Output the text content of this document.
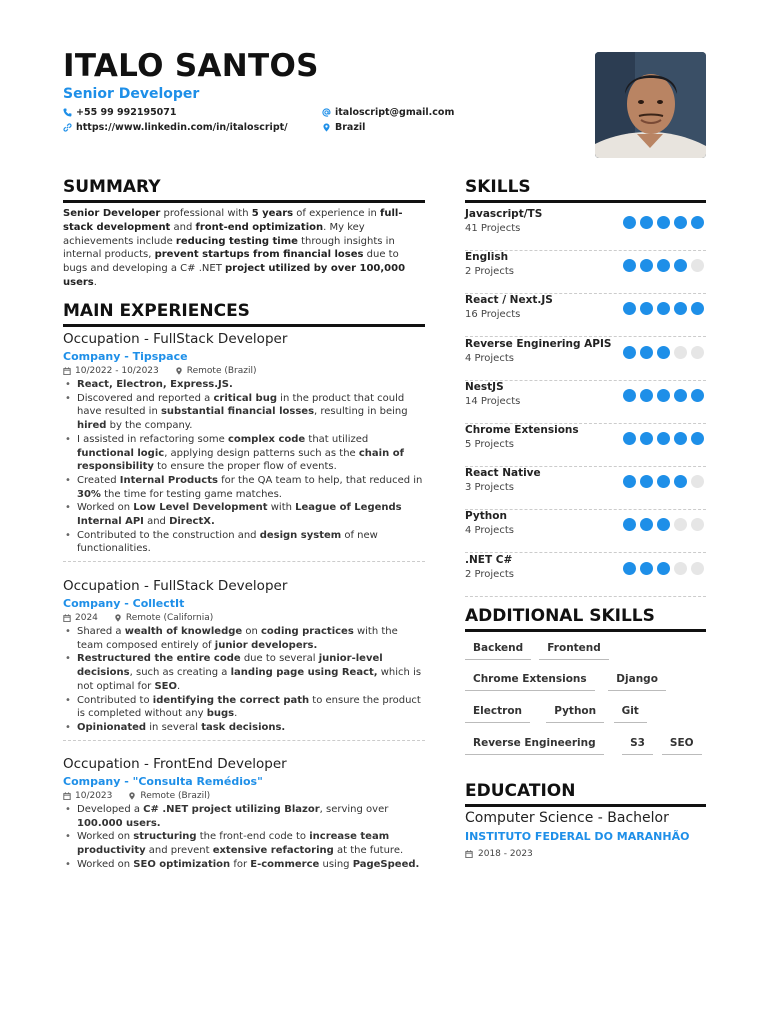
ITALO SANTOS
Senior Developer
+55 99 992195071
https://www.linkedin.com/in/italoscript/
italoscript@gmail.com
Brazil
SUMMARY
MAIN EXPERIENCES
SKILLS
ADDITIONAL SKILLS
EDUCATION
Senior Developer professional with 5 years of experience in full-stack development and front-end optimization. My key achievements include reducing testing time through insights in internal products, prevent startups from financial loses due to bugs and developing a C# .NET project utilized by over 100,000 users.
Occupation - FullStack Developer
Company - Tipspace
10/2022 - 10/2023	Remote (Brazil)
• React, Electron, Express.JS.
• Discovered and reported a critical bug in the product that could have resulted in substantial financial losses, resulting in being hired by the company.
• I assisted in refactoring some complex code that utilized functional logic, applying design patterns such as the chain of responsibility to ensure the proper flow of events.
• Created Internal Products for the QA team to help, that reduced in 30% the time for testing game matches.
• Worked on Low Level Development with League of Legends Internal API and DirectX.
• Contributed to the construction and design system of new functionalities.
Occupation - FullStack Developer
Company - CollectIt
2024	Remote (California)
• Shared a wealth of knowledge on coding practices with the team composed entirely of junior developers.
• Restructured the entire code due to several junior-level decisions, such as creating a landing page using React, which is not optimal for SEO.
• Contributed to identifying the correct path to ensure the product is completed without any bugs.
• Opinionated in several task decisions.
Occupation - FrontEnd Developer
Company - "Consulta Remédios"
10/2023	Remote (Brazil)
• Developed a C# .NET project utilizing Blazor, serving over 100.000 users.
• Worked on structuring the front-end code to increase team productivity and prevent extensive refactoring at the future.
• Worked on SEO optimization for E-commerce using PageSpeed.
Javascript/TS
41 Projects
English
2 Projects
React / Next.JS
16 Projects
Reverse Enginering APIS
4 Projects
NestJS
14 Projects
Chrome Extensions
5 Projects
React Native
3 Projects
Python
4 Projects
.NET C#
2 Projects
Backend	Frontend
Chrome Extensions	Django
Electron	Python	Git
Reverse Engineering	S3	SEO
Computer Science - Bachelor
INSTITUTO FEDERAL DO MARANHÃO
2018 - 2023
